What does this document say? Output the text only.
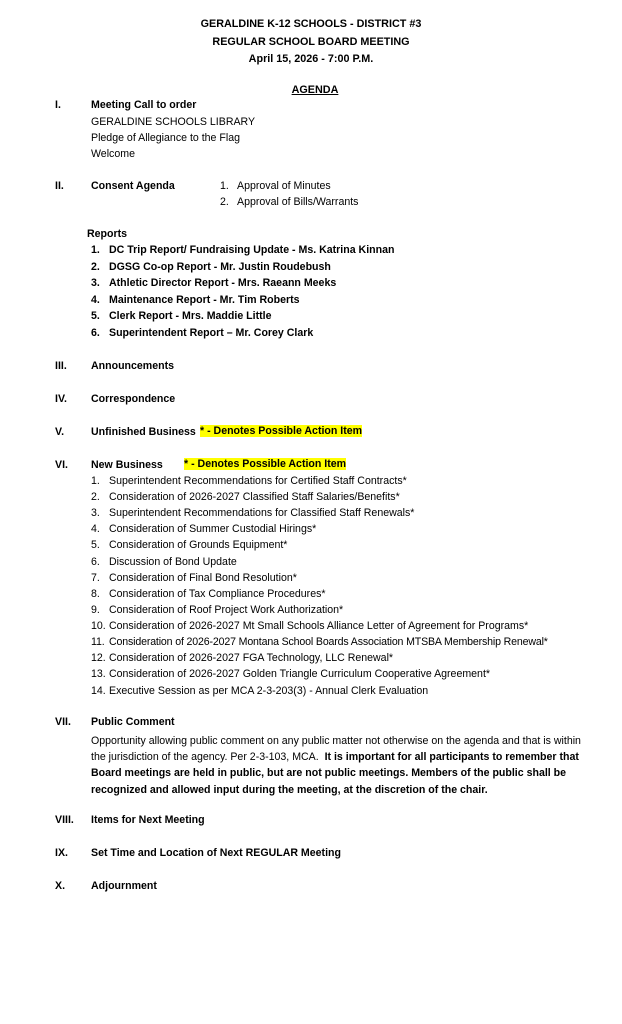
GERALDINE K-12 SCHOOLS - DISTRICT #3
REGULAR SCHOOL BOARD MEETING
April 15, 2026 - 7:00 P.M.
AGENDA
I.	Meeting Call to order
GERALDINE SCHOOLS LIBRARY
Pledge of Allegiance to the Flag
Welcome
II.	Consent Agenda	1. Approval of Minutes
2. Approval of Bills/Warrants
Reports
1. DC Trip Report/ Fundraising Update - Ms. Katrina Kinnan
2. DGSG Co-op Report - Mr. Justin Roudebush
3. Athletic Director Report - Mrs. Raeann Meeks
4. Maintenance Report - Mr. Tim Roberts
5. Clerk Report - Mrs. Maddie Little
6. Superintendent Report – Mr. Corey Clark
III. Announcements
IV. Correspondence
V.	Unfinished Business * - Denotes Possible Action Item
VI. New Business * - Denotes Possible Action Item
1. Superintendent Recommendations for Certified Staff Contracts*
2. Consideration of 2026-2027 Classified Staff Salaries/Benefits*
3. Superintendent Recommendations for Classified Staff Renewals*
4. Consideration of Summer Custodial Hirings*
5. Consideration of Grounds Equipment*
6. Discussion of Bond Update
7. Consideration of Final Bond Resolution*
8. Consideration of Tax Compliance Procedures*
9. Consideration of Roof Project Work Authorization*
10. Consideration of 2026-2027 Mt Small Schools Alliance Letter of Agreement for Programs*
11. Consideration of 2026-2027 Montana School Boards Association MTSBA Membership Renewal*
12. Consideration of 2026-2027 FGA Technology, LLC Renewal*
13. Consideration of 2026-2027 Golden Triangle Curriculum Cooperative Agreement*
14. Executive Session as per MCA 2-3-203(3) - Annual Clerk Evaluation
VII. Public Comment
Opportunity allowing public comment on any public matter not otherwise on the agenda and that is within the jurisdiction of the agency. Per 2-3-103, MCA. It is important for all participants to remember that Board meetings are held in public, but are not public meetings. Members of the public shall be recognized and allowed input during the meeting, at the discretion of the chair.
VIII. Items for Next Meeting
IX. Set Time and Location of Next REGULAR Meeting
X. Adjournment
